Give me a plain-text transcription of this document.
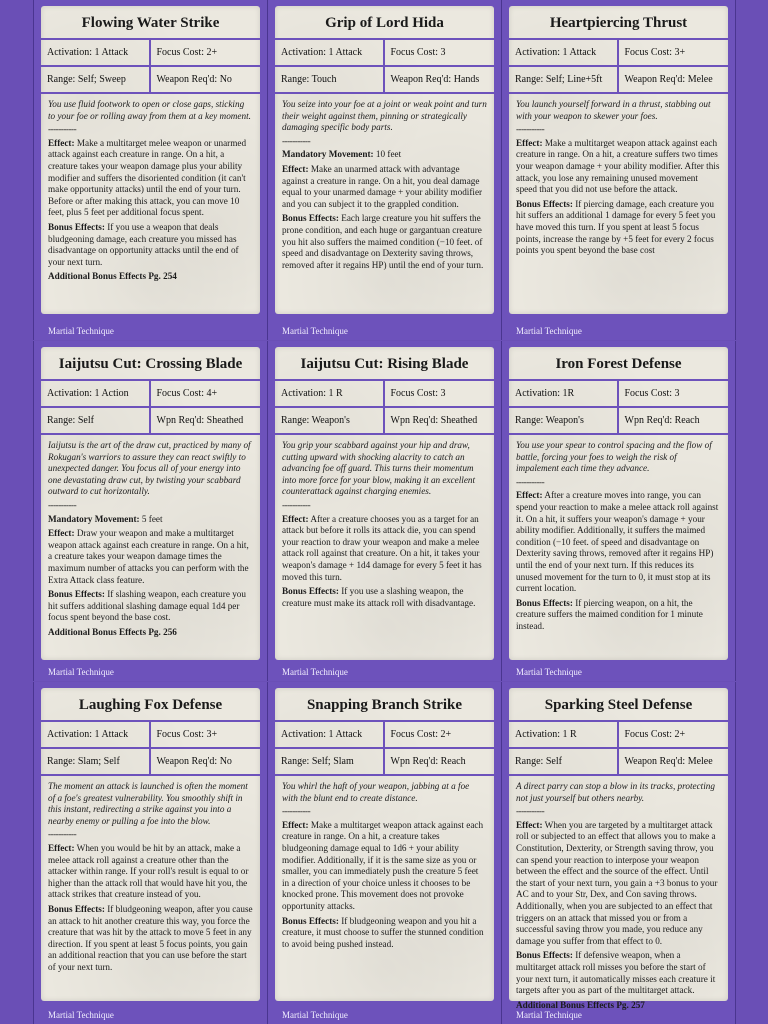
Flowing Water Strike
Activation: 1 Attack	Focus Cost: 2+
Range: Self; Sweep	Weapon Req'd: No
You use fluid footwork to open or close gaps, sticking to your foe or rolling away from them at a key moment.
-----------
Effect: Make a multitarget melee weapon or unarmed attack against each creature in range. On a hit, a creature takes your weapon damage plus your ability modifier and suffers the disoriented condition (it can't make opportunity attacks) until the end of your turn. Before or after making this attack, you can move 10 feet, plus 5 feet per additional focus spent.
Bonus Effects: If you use a weapon that deals bludgeoning damage, each creature you missed has disadvantage on opportunity attacks until the end of your next turn.
Additional Bonus Effects Pg. 254
Martial Technique
Grip of Lord Hida
Activation: 1 Attack	Focus Cost: 3
Range: Touch	Weapon Req'd: Hands
You seize into your foe at a joint or weak point and turn their weight against them, pinning or strategically damaging specific body parts.
-----------
Mandatory Movement: 10 feet
Effect: Make an unarmed attack with advantage against a creature in range. On a hit, you deal damage equal to your unarmed damage + your ability modifier and you can subject it to the grappled condition.
Bonus Effects: Each large creature you hit suffers the prone condition, and each huge or gargantuan creature you hit also suffers the maimed condition (−10 feet. of speed and disadvantage on Dexterity saving throws, removed after it regains HP) until the end of your turn.
Martial Technique
Heartpiercing Thrust
Activation: 1 Attack	Focus Cost: 3+
Range: Self; Line+5ft	Weapon Req'd: Melee
You launch yourself forward in a thrust, stabbing out with your weapon to skewer your foes.
-----------
Effect: Make a multitarget weapon attack against each creature in range. On a hit, a creature suffers two times your weapon damage + your ability modifier. After this attack, you lose any remaining unused movement speed that you did not use before the attack.
Bonus Effects: If piercing damage, each creature you hit suffers an additional 1 damage for every 5 feet you have moved this turn. If you spent at least 5 focus points, increase the range by +5 feet for every 2 focus points you spent beyond the base cost
Martial Technique
Iaijutsu Cut: Crossing Blade
Activation: 1 Action	Focus Cost: 4+
Range: Self	Wpn Req'd: Sheathed
Iaijutsu is the art of the draw cut, practiced by many of Rokugan's warriors to assure they can react swiftly to unexpected danger. You focus all of your energy into one devastating draw cut, by twisting your scabbard outward to cut horizontally.
-----------
Mandatory Movement: 5 feet
Effect: Draw your weapon and make a multitarget weapon attack against each creature in range. On a hit, a creature takes your weapon damage times the maximum number of attacks you can perform with the Extra Attack class feature.
Bonus Effects: If slashing weapon, each creature you hit suffers additional slashing damage equal 1d4 per focus spent beyond the base cost.
Additional Bonus Effects Pg. 256
Martial Technique
Iaijutsu Cut: Rising Blade
Activation: 1 R	Focus Cost: 3
Range: Weapon's	Wpn Req'd: Sheathed
You grip your scabbard against your hip and draw, cutting upward with shocking alacrity to catch an advancing foe off guard. This turns their momentum into more force for your blow, making it an excellent counterattack against charging enemies.
-----------
Effect: After a creature chooses you as a target for an attack but before it rolls its attack die, you can spend your reaction to draw your weapon and make a melee attack roll against that creature. On a hit, it takes your weapon's damage + 1d4 damage for every 5 feet it has moved this turn.
Bonus Effects: If you use a slashing weapon, the creature must make its attack roll with disadvantage.
Martial Technique
Iron Forest Defense
Activation: 1R	Focus Cost: 3
Range: Weapon's	Wpn Req'd: Reach
You use your spear to control spacing and the flow of battle, forcing your foes to weigh the risk of impalement each time they advance.
-----------
Effect: After a creature moves into range, you can spend your reaction to make a melee attack roll against it. On a hit, it suffers your weapon's damage + your ability modifier. Additionally, it suffers the maimed condition (−10 feet. of speed and disadvantage on Dexterity saving throws, removed after it regains HP) until the end of your next turn. If this reduces its unused movement for the turn to 0, it must stop at its current location.
Bonus Effects: If piercing weapon, on a hit, the creature suffers the maimed condition for 1 minute instead.
Martial Technique
Laughing Fox Defense
Activation: 1 Attack	Focus Cost: 3+
Range: Slam; Self	Weapon Req'd: No
The moment an attack is launched is often the moment of a foe's greatest vulnerability. You smoothly shift in this instant, redirecting a strike against you into a nearby enemy or pulling a foe into the blow.
-----------
Effect: When you would be hit by an attack, make a melee attack roll against a creature other than the attacker within range. If your roll's result is equal to or higher than the attack roll that would have hit you, the attack strikes that creature instead of you.
Bonus Effects: If bludgeoning weapon, after you cause an attack to hit another creature this way, you force the creature that was hit by the attack to move 5 feet in any direction. If you spent at least 5 focus points, you gain an additional reaction that you can use before the start of your next turn.
Martial Technique
Snapping Branch Strike
Activation: 1 Attack	Focus Cost: 2+
Range: Self; Slam	Wpn Req'd: Reach
You whirl the haft of your weapon, jabbing at a foe with the blunt end to create distance.
-----------
Effect: Make a multitarget weapon attack against each creature in range. On a hit, a creature takes bludgeoning damage equal to 1d6 + your ability modifier. Additionally, if it is the same size as you or smaller, you can immediately push the creature 5 feet in a direction of your choice unless it chooses to be knocked prone. This movement does not provoke opportunity attacks.
Bonus Effects: If bludgeoning weapon and you hit a creature, it must choose to suffer the stunned condition to avoid being pushed instead.
Martial Technique
Sparking Steel Defense
Activation: 1 R	Focus Cost: 2+
Range: Self	Weapon Req'd: Melee
A direct parry can stop a blow in its tracks, protecting not just yourself but others nearby.
-----------
Effect: When you are targeted by a multitarget attack roll or subjected to an effect that allows you to make a Constitution, Dexterity, or Strength saving throw, you can spend your reaction to interpose your weapon between the effect and the source of the effect. Until the start of your next turn, you gain a +3 bonus to your AC and to your Str, Dex, and Con saving throws. Additionally, when you are subjected to an effect that triggers on an attack that missed you or from a successful saving throw you made, you reduce any damage you suffer from that effect to 0.
Bonus Effects: If defensive weapon, when a multitarget attack roll misses you before the start of your next turn, it automatically misses each creature it targets after you as part of the multitarget attack.
Additional Bonus Effects Pg. 257
Martial Technique
